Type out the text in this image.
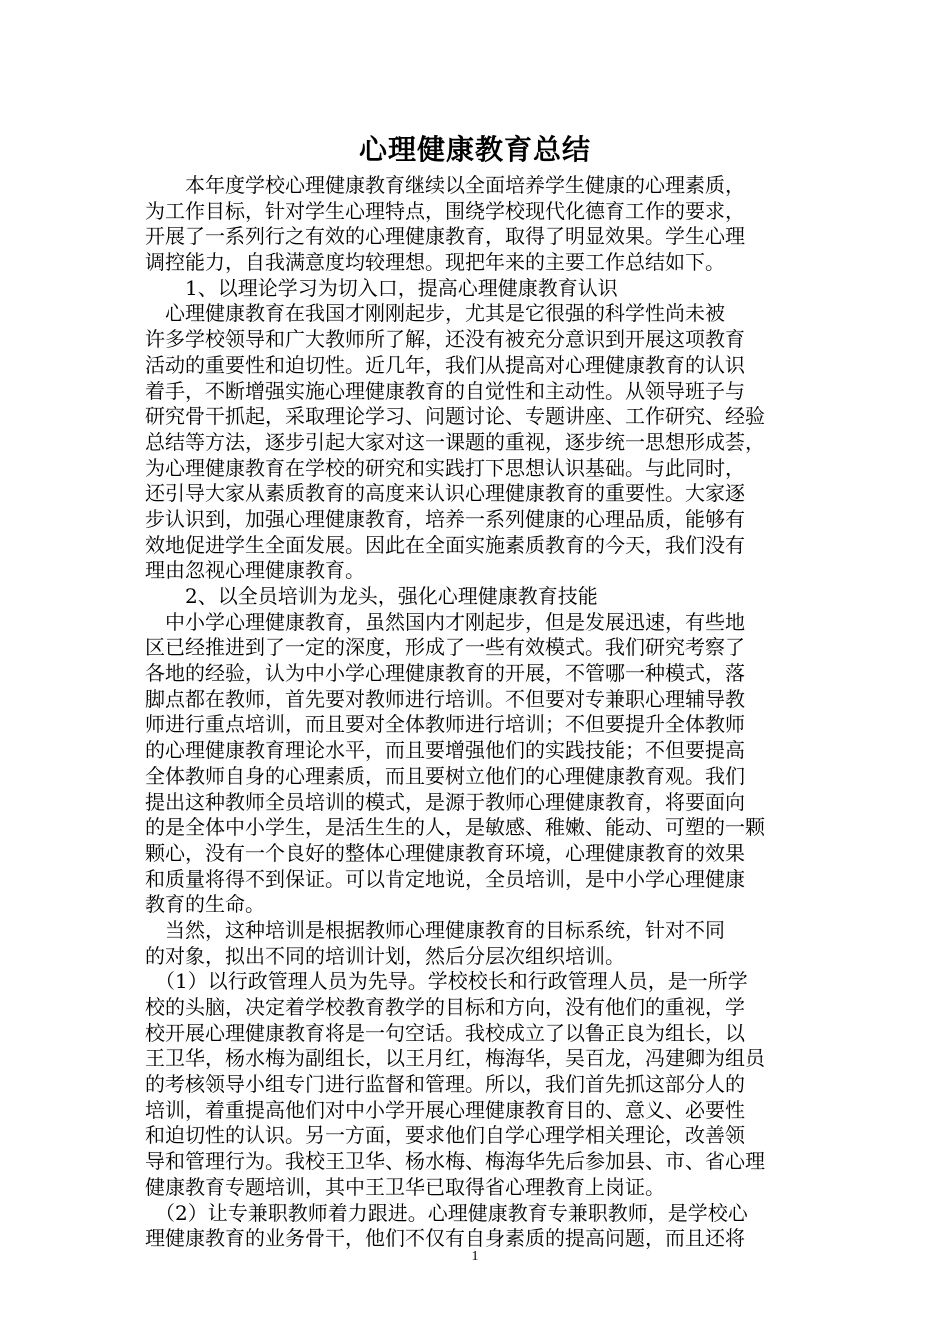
心理健康教育总结
　　本年度学校心理健康教育继续以全面培养学生健康的心理素质，
为工作目标，针对学生心理特点，围绕学校现代化德育工作的要求，
开展了一系列行之有效的心理健康教育，取得了明显效果。学生心理
调控能力，自我满意度均较理想。现把年来的主要工作总结如下。
　　1、以理论学习为切入口，提高心理健康教育认识
　心理健康教育在我国才刚刚起步，尤其是它很强的科学性尚未被
许多学校领导和广大教师所了解，还没有被充分意识到开展这项教育
活动的重要性和迫切性。近几年，我们从提高对心理健康教育的认识
着手，不断增强实施心理健康教育的自觉性和主动性。从领导班子与
研究骨干抓起，采取理论学习、问题讨论、专题讲座、工作研究、经验
总结等方法，逐步引起大家对这一课题的重视，逐步统一思想形成荟，
为心理健康教育在学校的研究和实践打下思想认识基础。与此同时，
还引导大家从素质教育的高度来认识心理健康教育的重要性。大家逐
步认识到，加强心理健康教育，培养一系列健康的心理品质，能够有
效地促进学生全面发展。因此在全面实施素质教育的今天，我们没有
理由忽视心理健康教育。
　　2、以全员培训为龙头，强化心理健康教育技能
　中小学心理健康教育，虽然国内才刚起步，但是发展迅速，有些地
区已经推进到了一定的深度，形成了一些有效模式。我们研究考察了
各地的经验，认为中小学心理健康教育的开展，不管哪一种模式，落
脚点都在教师，首先要对教师进行培训。不但要对专兼职心理辅导教
师进行重点培训，而且要对全体教师进行培训；不但要提升全体教师
的心理健康教育理论水平，而且要增强他们的实践技能；不但要提高
全体教师自身的心理素质，而且要树立他们的心理健康教育观。我们
提出这种教师全员培训的模式，是源于教师心理健康教育，将要面向
的是全体中小学生，是活生生的人，是敏感、稚嫩、能动、可塑的一颗
颗心，没有一个良好的整体心理健康教育环境，心理健康教育的效果
和质量将得不到保证。可以肯定地说，全员培训，是中小学心理健康
教育的生命。
　当然，这种培训是根据教师心理健康教育的目标系统，针对不同
的对象，拟出不同的培训计划，然后分层次组织培训。
　（1）以行政管理人员为先导。学校校长和行政管理人员，是一所学
校的头脑，决定着学校教育教学的目标和方向，没有他们的重视，学
校开展心理健康教育将是一句空话。我校成立了以鲁正良为组长，以
王卫华，杨水梅为副组长，以王月红，梅海华，吴百龙，冯建卿为组员
的考核领导小组专门进行监督和管理。所以，我们首先抓这部分人的
培训，着重提高他们对中小学开展心理健康教育目的、意义、必要性
和迫切性的认识。另一方面，要求他们自学心理学相关理论，改善领
导和管理行为。我校王卫华、杨水梅、梅海华先后参加县、市、省心理
健康教育专题培训，其中王卫华已取得省心理教育上岗证。
　（2）让专兼职教师着力跟进。心理健康教育专兼职教师，是学校心
理健康教育的业务骨干，他们不仅有自身素质的提高问题，而且还将
1
